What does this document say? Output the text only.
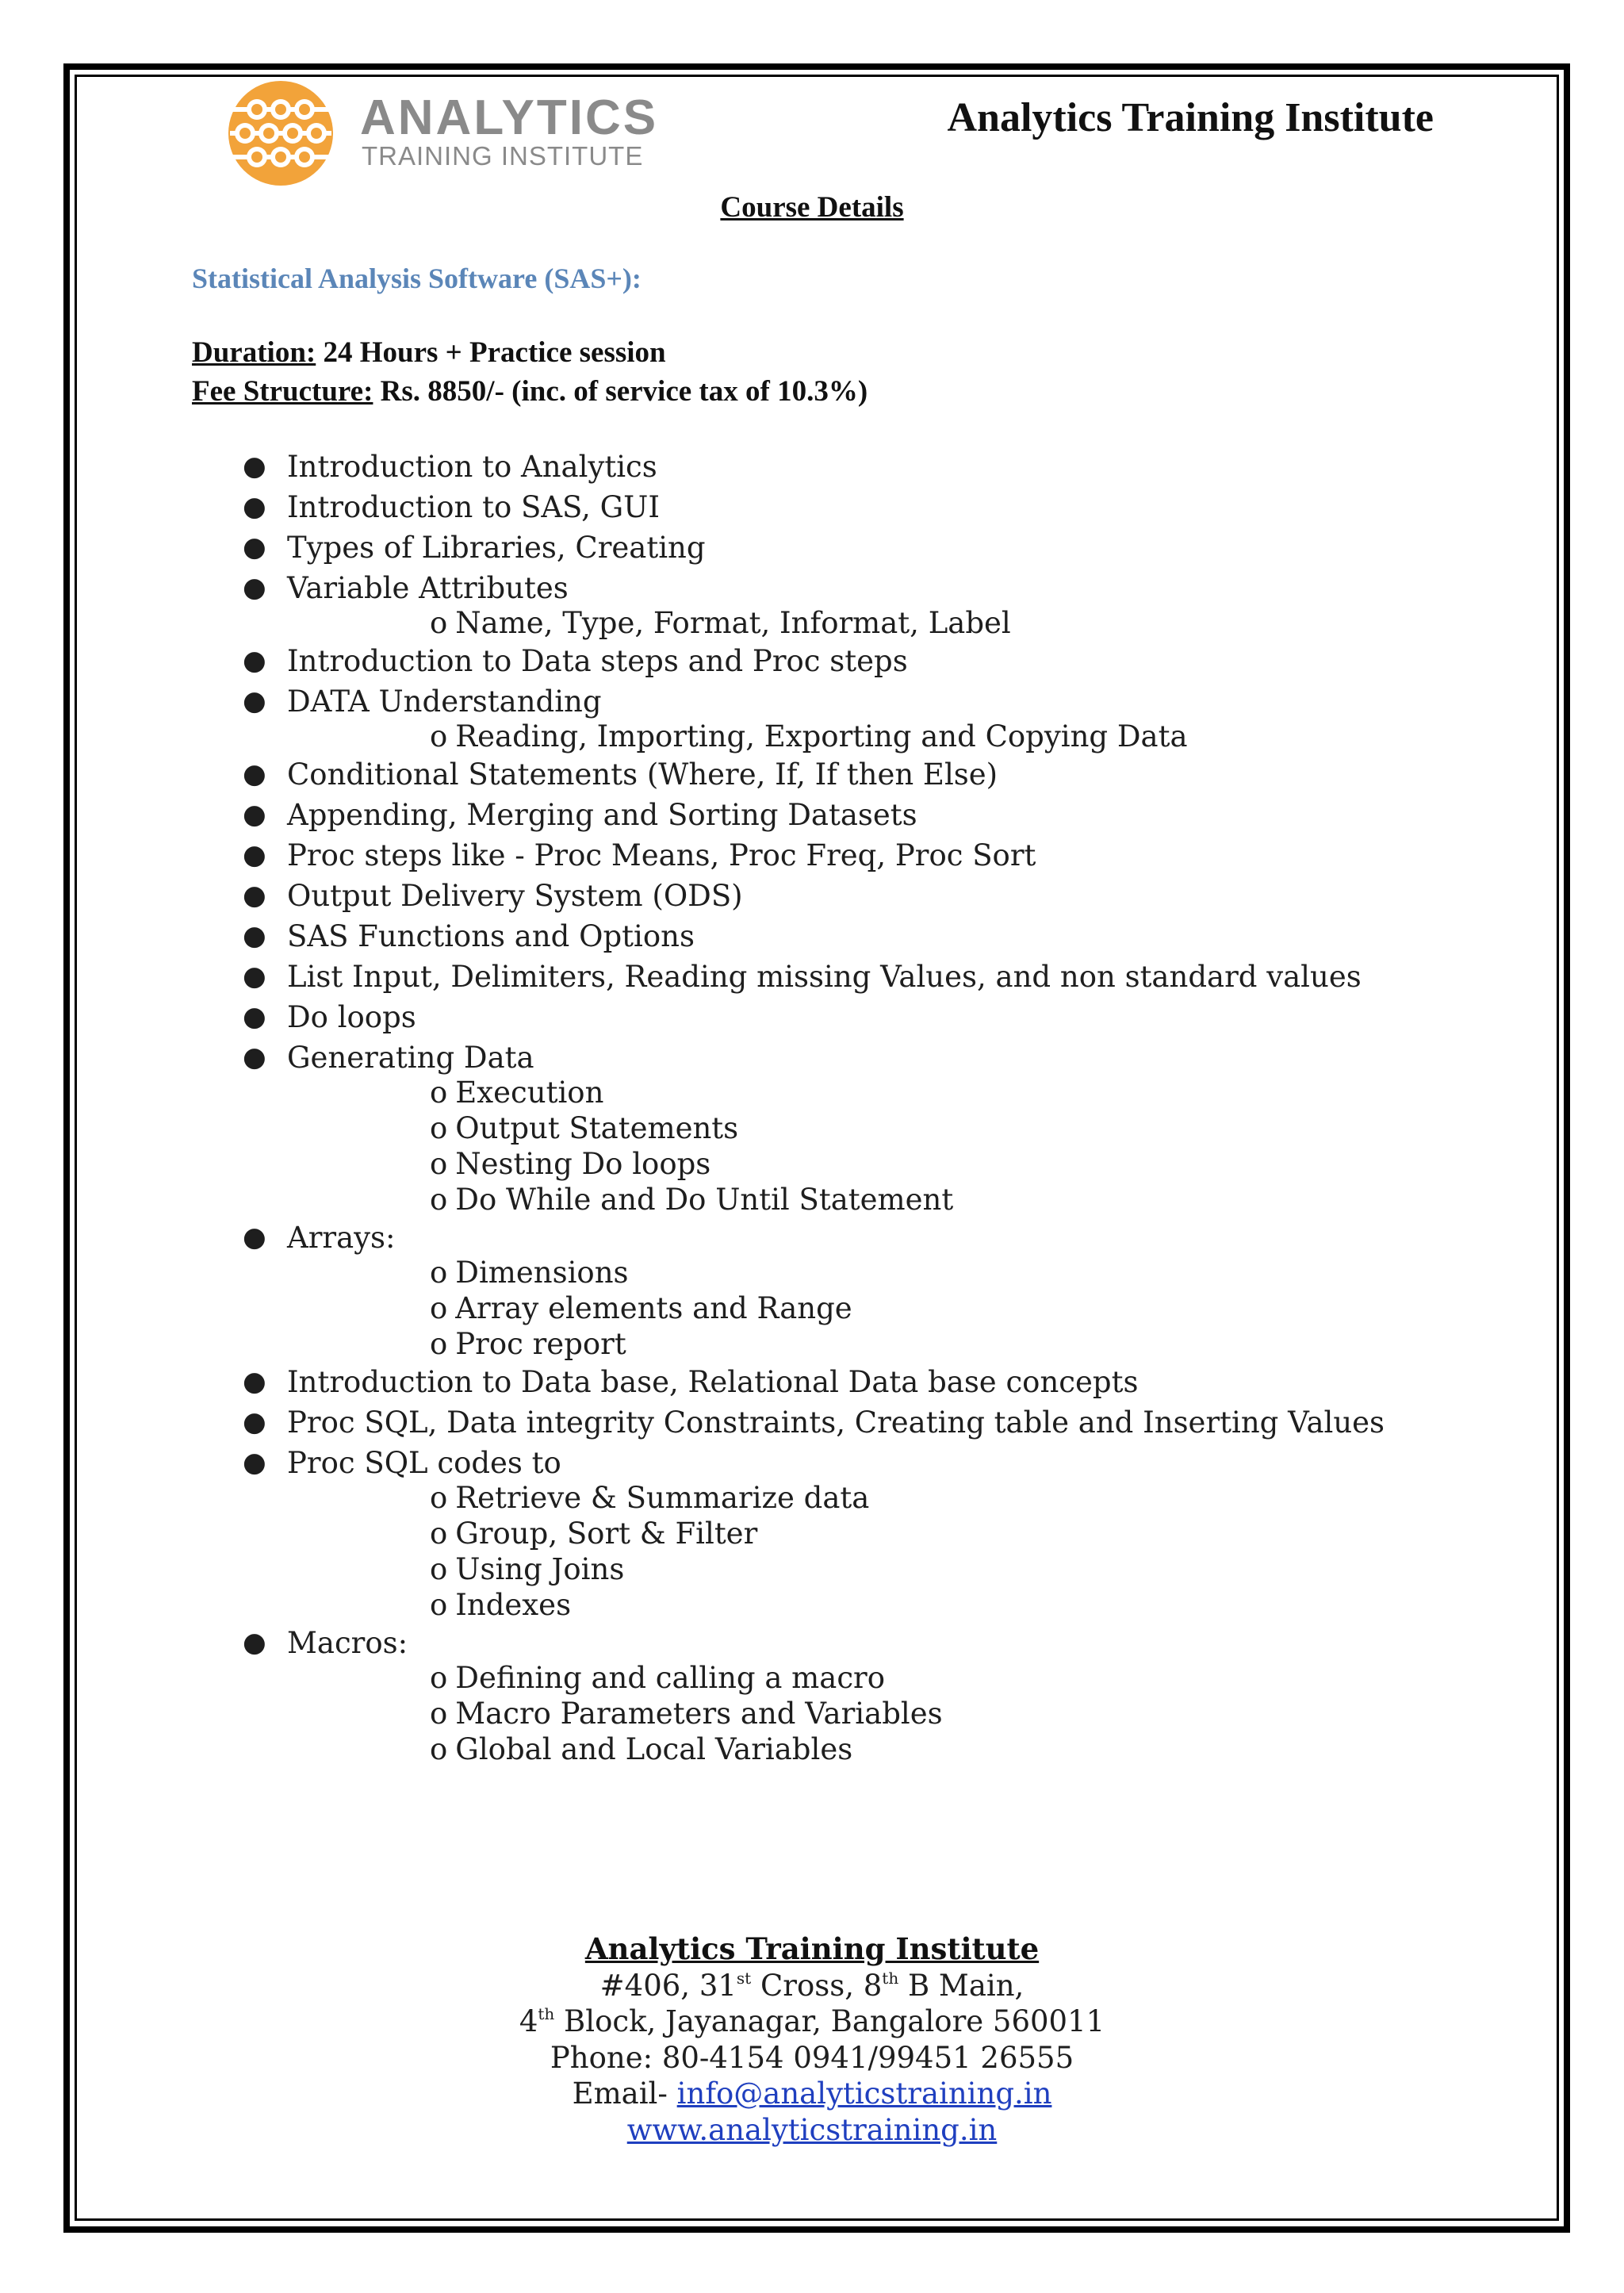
ANALYTICS
TRAINING INSTITUTE
Analytics Training Institute
Course Details
Statistical Analysis Software (SAS+):
Duration: 24 Hours + Practice session
Fee Structure: Rs. 8850/- (inc. of service tax of 10.3%)
● Introduction to Analytics
● Introduction to SAS, GUI
● Types of Libraries, Creating
● Variable Attributes
o Name, Type, Format, Informat, Label
● Introduction to Data steps and Proc steps
● DATA Understanding
o Reading, Importing, Exporting and Copying Data
● Conditional Statements (Where, If, If then Else)
● Appending, Merging and Sorting Datasets
● Proc steps like - Proc Means, Proc Freq, Proc Sort
● Output Delivery System (ODS)
● SAS Functions and Options
● List Input, Delimiters, Reading missing Values, and non standard values
● Do loops
● Generating Data
o Execution
o Output Statements
o Nesting Do loops
o Do While and Do Until Statement
● Arrays:
o Dimensions
o Array elements and Range
o Proc report
● Introduction to Data base, Relational Data base concepts
● Proc SQL, Data integrity Constraints, Creating table and Inserting Values
● Proc SQL codes to
o Retrieve & Summarize data
o Group, Sort & Filter
o Using Joins
o Indexes
● Macros:
o Defining and calling a macro
o Macro Parameters and Variables
o Global and Local Variables
Analytics Training Institute
#406, 31st Cross, 8th B Main,
4th Block, Jayanagar, Bangalore 560011
Phone: 80-4154 0941/99451 26555
Email- info@analyticstraining.in
www.analyticstraining.in
